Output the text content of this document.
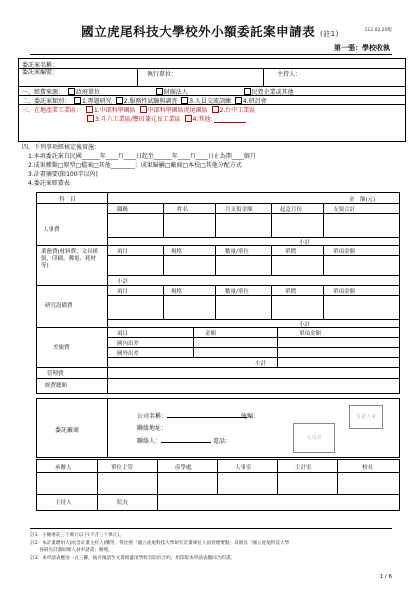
國立虎尾科技大學校外小額委託案申請表 (註1)	112.02.20版
第一張：學校收執
委託案名稱：
委託案編號：	執行單位：	主持人：
一、經費來源： 政府單位	財團法人	民營企業或其他
二、委託案類別： 1.專題研究 2.服務性試驗與調查 3.人員交流訓練 4.研討會
三、在地產業工業區： 1.中部科學園區 中部科學園區虎尾園區 2.台中工業區
3.斗六工業區/豐田兼元長工業區 4.其他:
四、下列事項經核定後實施：
1.本項委託案自民國______年____月____日起至______年____月____日止為期____個月
2.成果種類□原型□檔案□其他________；成果歸屬□廠商□本校□其他分配方式
3.計畫摘要(限100字以內)
4.委託案經費表
科　目	金　額(元)
人事費
職稱	姓名	月支領金額	起訖月份	支領合計
小計
業務費(材料費、文具紙張、印刷、郵電、耗材等)
項目	規格	數量/單位	單價	單項金額
小計
研究設備費
項目	規格	數量/單位	單價	單項金額
小計
差旅費
項目	金額	單項金額
國內出差
國外出差
小計
管理費
經費總額
委託廠商
公司名稱：	統編：
聯絡地址：
聯絡人：	電話：	公司章
負責人章
承辦人	單位主管	產學處	人事室	主計室	校長
主持人	院長
註1：小額委託三十萬元以下(不含三十萬元)。
註2：本計畫聘用人員(含計畫主持人)酬勞，得比照「國立虎尾科技大學研究計畫專任人員管理要點」及填具「國立虎尾科技大學
　　各研究計畫助理人員申請書」辦理。
註3：本申請表應送一式三聯，核可後請至文書組蓋用學校官防於合約、用印版本申請表繳回合約書。
1 / 6
